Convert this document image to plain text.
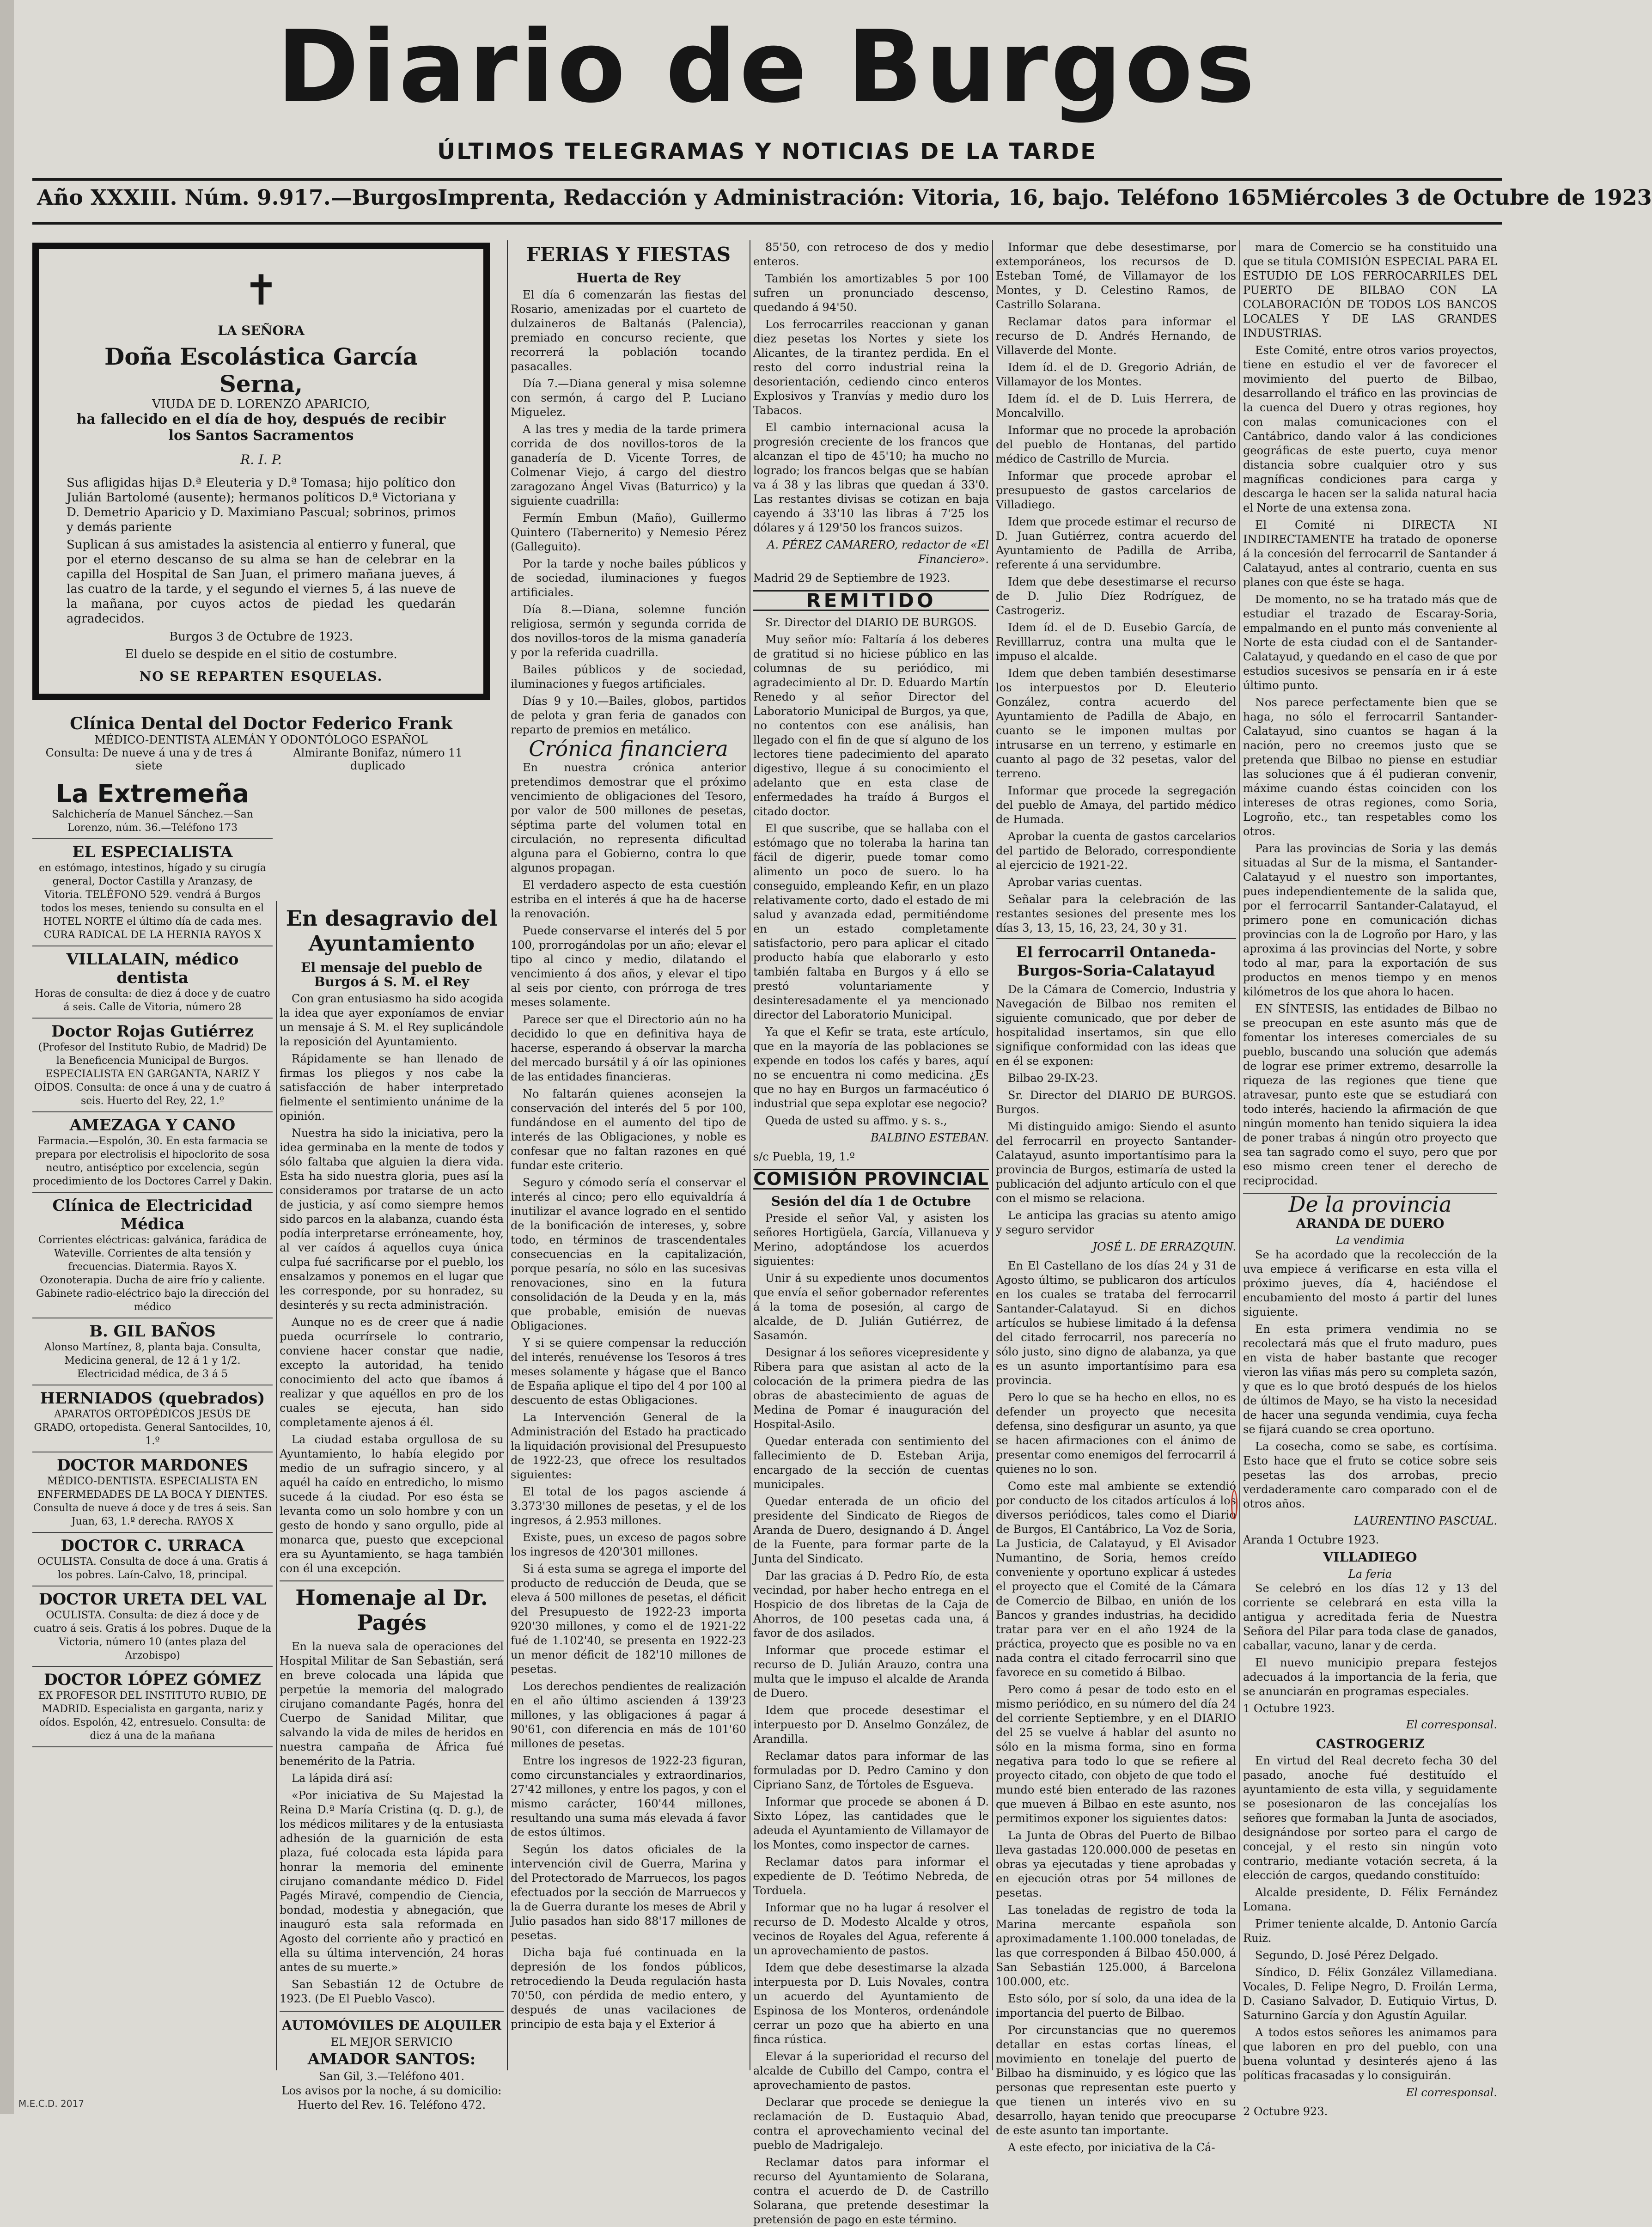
Diario de Burgos
ÚLTIMOS TELEGRAMAS Y NOTICIAS DE LA TARDE
Año XXXIII. Núm. 9.917.—Burgos Imprenta, Redacción y Administración: Vitoria, 16, bajo. Teléfono 165 Miércoles 3 de Octubre de 1923
✝
LA SEÑORA
Doña Escolástica García Serna,
VIUDA DE D. LORENZO APARICIO,
ha fallecido en el día de hoy, después de recibir los Santos Sacramentos
R. I. P.

Sus afligidas hijas D.ª Eleuteria y D.ª Tomasa; hijo político don Julián Bartolomé (ausente); hermanos políticos D.ª Victoriana y D. Demetrio Aparicio y D. Maximiano Pascual; sobrinos, primos y demás pariente

Suplican á sus amistades la asistencia al entierro y funeral, que por el eterno descanso de su alma se han de celebrar en la capilla del Hospital de San Juan, el primero mañana jueves, á las cuatro de la tarde, y el segundo el viernes 5, á las nueve de la mañana, por cuyos actos de piedad les quedarán agradecidos.

Burgos 3 de Octubre de 1923.
El duelo se despide en el sitio de costumbre.
NO SE REPARTEN ESQUELAS.
Clínica Dental del Doctor Federico Frank
MÉDICO-DENTISTA ALEMÁN Y ODONTÓLOGO ESPAÑOL
Consulta: De nueve á una y de tres á siete
Almirante Bonifaz, número 11 duplicado
La Extremeña
Salchichería de Manuel Sánchez.—San Lorenzo, núm. 36.—Teléfono 173
EL ESPECIALISTA
en estómago, intestinos, hígado y su cirugía general, Doctor Castilla y Aranzasy, de Vitoria. TELÉFONO 529. vendrá á Burgos todos los meses, teniendo su consulta en el HOTEL NORTE el último día de cada mes. CURA RADICAL DE LA HERNIA RAYOS X
VILLALAIN, médico dentista
Horas de consulta: de diez á doce y de cuatro á seis. Calle de Vitoria, número 28
Doctor Rojas Gutiérrez
(Profesor del Instituto Rubio, de Madrid) De la Beneficencia Municipal de Burgos. ESPECIALISTA EN GARGANTA, NARIZ Y OÍDOS. Consulta: de once á una y de cuatro á seis. Huerto del Rey, 22, 1.º
AMEZAGA Y CANO
Farmacia.—Espolón, 30. En esta farmacia se prepara por electrolisis el hipoclorito de sosa neutro, antiséptico por excelencia, según procedimiento de los Doctores Carrel y Dakin.
Clínica de Electricidad Médica
Corrientes eléctricas: galvánica, farádica de Wateville. Corrientes de alta tensión y frecuencias. Diatermia. Rayos X. Ozonoterapia. Ducha de aire frío y caliente. Gabinete radio-eléctrico bajo la dirección del médico
B. GIL BAÑOS
Alonso Martínez, 8, planta baja. Consulta, Medicina general, de 12 á 1 y 1/2. Electricidad médica, de 3 á 5
HERNIADOS (quebrados)
APARATOS ORTOPÉDICOS JESÚS DE GRADO, ortopedista. General Santocildes, 10, 1.º
DOCTOR MARDONES
MÉDICO-DENTISTA. ESPECIALISTA EN ENFERMEDADES DE LA BOCA Y DIENTES. Consulta de nueve á doce y de tres á seis. San Juan, 63, 1.º derecha. RAYOS X
DOCTOR C. URRACA
OCULISTA. Consulta de doce á una. Gratis á los pobres. Laín-Calvo, 18, principal.
DOCTOR URETA DEL VAL
OCULISTA. Consulta: de diez á doce y de cuatro á seis. Gratis á los pobres. Duque de la Victoria, número 10 (antes plaza del Arzobispo)
DOCTOR LÓPEZ GÓMEZ
EX PROFESOR DEL INSTITUTO RUBIO, DE MADRID. Especialista en garganta, nariz y oídos. Espolón, 42, entresuelo. Consulta: de diez á una de la mañana
En desagravio del Ayuntamiento
El mensaje del pueblo de Burgos á S. M. el Rey

Con gran entusiasmo ha sido acogida la idea que ayer exponíamos de enviar un mensaje á S. M. el Rey suplicándole la reposición del Ayuntamiento.

Rápidamente se han llenado de firmas los pliegos y nos cabe la satisfacción de haber interpretado fielmente el sentimiento unánime de la opinión.

Nuestra ha sido la iniciativa, pero la idea germinaba en la mente de todos y sólo faltaba que alguien la diera vida. Esta ha sido nuestra gloria, pues así la consideramos por tratarse de un acto de justicia, y así como siempre hemos sido parcos en la alabanza, cuando ésta podía interpretarse erróneamente, hoy, al ver caídos á aquellos cuya única culpa fué sacrificarse por el pueblo, los ensalzamos y ponemos en el lugar que les corresponde, por su honradez, su desinterés y su recta administración.

Aunque no es de creer que á nadie pueda ocurrírsele lo contrario, conviene hacer constar que nadie, excepto la autoridad, ha tenido conocimiento del acto que íbamos á realizar y que aquéllos en pro de los cuales se ejecuta, han sido completamente ajenos á él.

La ciudad estaba orgullosa de su Ayuntamiento, lo había elegido por medio de un sufragio sincero, y al aquél ha caído en entredicho, lo mismo sucede á la ciudad. Por eso ésta se levanta como un solo hombre y con un gesto de hondo y sano orgullo, pide al monarca que, puesto que excepcional era su Ayuntamiento, se haga también con él una excepción.

Homenaje al Dr. Pagés

En la nueva sala de operaciones del Hospital Militar de San Sebastián, será en breve colocada una lápida que perpetúe la memoria del malogrado cirujano comandante Pagés, honra del Cuerpo de Sanidad Militar, que salvando la vida de miles de heridos en nuestra campaña de África fué benemérito de la Patria.

La lápida dirá así:

«Por iniciativa de Su Majestad la Reina D.ª María Cristina (q. D. g.), de los médicos militares y de la entusiasta adhesión de la guarnición de esta plaza, fué colocada esta lápida para honrar la memoria del eminente cirujano comandante médico D. Fidel Pagés Miravé, compendio de Ciencia, bondad, modestia y abnegación, que inauguró esta sala reformada en Agosto del corriente año y practicó en ella su última intervención, 24 horas antes de su muerte.»

San Sebastián 12 de Octubre de 1923. (De El Pueblo Vasco).

AUTOMÓVILES DE ALQUILER
EL MEJOR SERVICIO
AMADOR SANTOS:
San Gil, 3.—Teléfono 401.
Los avisos por la noche, á su domicilio: Huerto del Rev. 16. Teléfono 472.
FERIAS Y FIESTAS
Huerta de Rey

El día 6 comenzarán las fiestas del Rosario, amenizadas por el cuarteto de dulzaineros de Baltanás (Palencia), premiado en concurso reciente, que recorrerá la población tocando pasacalles.

Día 7.—Diana general y misa solemne con sermón, á cargo del P. Luciano Miguelez.

A las tres y media de la tarde primera corrida de dos novillos-toros de la ganadería de D. Vicente Torres, de Colmenar Viejo, á cargo del diestro zaragozano Ángel Vivas (Baturrico) y la siguiente cuadrilla:

Fermín Embun (Maño), Guillermo Quintero (Tabernerito) y Nemesio Pérez (Galleguito).

Por la tarde y noche bailes públicos y de sociedad, iluminaciones y fuegos artificiales.

Día 8.—Diana, solemne función religiosa, sermón y segunda corrida de dos novillos-toros de la misma ganadería y por la referida cuadrilla.

Bailes públicos y de sociedad, iluminaciones y fuegos artificiales.

Días 9 y 10.—Bailes, globos, partidos de pelota y gran feria de ganados con reparto de premios en metálico.

Crónica financiera

En nuestra crónica anterior pretendimos demostrar que el próximo vencimiento de obligaciones del Tesoro, por valor de 500 millones de pesetas, séptima parte del volumen total en circulación, no representa dificultad alguna para el Gobierno, contra lo que algunos propagan.

El verdadero aspecto de esta cuestión estriba en el interés á que ha de hacerse la renovación.

Puede conservarse el interés del 5 por 100, prorrogándolas por un año; elevar el tipo al cinco y medio, dilatando el vencimiento á dos años, y elevar el tipo al seis por ciento, con prórroga de tres meses solamente.

Parece ser que el Directorio aún no ha decidido lo que en definitiva haya de hacerse, esperando á observar la marcha del mercado bursátil y á oír las opiniones de las entidades financieras.

No faltarán quienes aconsejen la conservación del interés del 5 por 100, fundándose en el aumento del tipo de interés de las Obligaciones, y noble es confesar que no faltan razones en qué fundar este criterio.

Seguro y cómodo sería el conservar el interés al cinco; pero ello equivaldría á inutilizar el avance logrado en el sentido de la bonificación de intereses, y, sobre todo, en términos de trascendentales consecuencias en la capitalización, porque pesaría, no sólo en las sucesivas renovaciones, sino en la futura consolidación de la Deuda y en la, más que probable, emisión de nuevas Obligaciones.

Y si se quiere compensar la reducción del interés, renuévense los Tesoros á tres meses solamente y hágase que el Banco de España aplique el tipo del 4 por 100 al descuento de estas Obligaciones.

La Intervención General de la Administración del Estado ha practicado la liquidación provisional del Presupuesto de 1922-23, que ofrece los resultados siguientes:

El total de los pagos asciende á 3.373'30 millones de pesetas, y el de los ingresos, á 2.953 millones.

Existe, pues, un exceso de pagos sobre los ingresos de 420'301 millones.

Si á esta suma se agrega el importe del producto de reducción de Deuda, que se eleva á 500 millones de pesetas, el déficit del Presupuesto de 1922-23 importa 920'30 millones, y como el de 1921-22 fué de 1.102'40, se presenta en 1922-23 un menor déficit de 182'10 millones de pesetas.

Los derechos pendientes de realización en el año último ascienden á 139'23 millones, y las obligaciones á pagar á 90'61, con diferencia en más de 101'60 millones de pesetas.

Entre los ingresos de 1922-23 figuran, como circunstanciales y extraordinarios, 27'42 millones, y entre los pagos, y con el mismo carácter, 160'44 millones, resultando una suma más elevada á favor de estos últimos.

Según los datos oficiales de la intervención civil de Guerra, Marina y del Protectorado de Marruecos, los pagos efectuados por la sección de Marruecos y la de Guerra durante los meses de Abril y Julio pasados han sido 88'17 millones de pesetas.

Dicha baja fué continuada en la depresión de los fondos públicos, retrocediendo la Deuda regulación hasta 70'50, con pérdida de medio entero, y después de unas vacilaciones de principio de esta baja y el Exterior á

85'50, con retroceso de dos y medio enteros.

También los amortizables 5 por 100 sufren un pronunciado descenso, quedando á 94'50.

Los ferrocarriles reaccionan y ganan diez pesetas los Nortes y siete los Alicantes, de la tirantez perdida. En el resto del corro industrial reina la desorientación, cediendo cinco enteros Explosivos y Tranvías y medio duro los Tabacos.

El cambio internacional acusa la progresión creciente de los francos que alcanzan el tipo de 45'10; ha mucho no logrado; los francos belgas que se habían va á 38 y las libras que quedan á 33'0. Las restantes divisas se cotizan en baja cayendo á 33'10 las libras á 7'25 los dólares y á 129'50 los francos suizos.

A. PÉREZ CAMARERO, redactor de «El Financiero».
Madrid 29 de Septiembre de 1923.
REMITIDO

Sr. Director del DIARIO DE BURGOS.

Muy señor mío: Faltaría á los deberes de gratitud si no hiciese público en las columnas de su periódico, mi agradecimiento al Dr. D. Eduardo Martín Renedo y al señor Director del Laboratorio Municipal de Burgos, ya que, no contentos con ese análisis, han llegado con el fin de que sí alguno de los lectores tiene padecimiento del aparato digestivo, llegue á su conocimiento el adelanto que en esta clase de enfermedades ha traído á Burgos el citado doctor.

El que suscribe, que se hallaba con el estómago que no toleraba la harina tan fácil de digerir, puede tomar como alimento un poco de suero. lo ha conseguido, empleando Kefir, en un plazo relativamente corto, dado el estado de mi salud y avanzada edad, permitiéndome en un estado completamente satisfactorio, pero para aplicar el citado producto había que elaborarlo y esto también faltaba en Burgos y á ello se prestó voluntariamente y desinteresadamente el ya mencionado director del Laboratorio Municipal.

Ya que el Kefir se trata, este artículo, que en la mayoría de las poblaciones se expende en todos los cafés y bares, aquí no se encuentra ni como medicina. ¿Es que no hay en Burgos un farmacéutico ó industrial que sepa explotar ese negocio?

Queda de usted su affmo. y s. s.,

BALBINO ESTEBAN.
s/c Puebla, 19, 1.º
COMISIÓN PROVINCIAL
Sesión del día 1 de Octubre

Preside el señor Val, y asisten los señores Hortigüela, García, Villanueva y Merino, adoptándose los acuerdos siguientes:

Unir á su expediente unos documentos que envía el señor gobernador referentes á la toma de posesión, al cargo de alcalde, de D. Julián Gutiérrez, de Sasamón.

Designar á los señores vicepresidente y Ribera para que asistan al acto de la colocación de la primera piedra de las obras de abastecimiento de aguas de Medina de Pomar é inauguración del Hospital-Asilo.

Quedar enterada con sentimiento del fallecimiento de D. Esteban Arija, encargado de la sección de cuentas municipales.

Quedar enterada de un oficio del presidente del Sindicato de Riegos de Aranda de Duero, designando á D. Ángel de la Fuente, para formar parte de la Junta del Sindicato.

Dar las gracias á D. Pedro Río, de esta vecindad, por haber hecho entrega en el Hospicio de dos libretas de la Caja de Ahorros, de 100 pesetas cada una, á favor de dos asilados.

Informar que procede estimar el recurso de D. Julián Arauzo, contra una multa que le impuso el alcalde de Aranda de Duero.

Idem que procede desestimar el interpuesto por D. Anselmo González, de Arandilla.

Reclamar datos para informar de las formuladas por D. Pedro Camino y don Cipriano Sanz, de Tórtoles de Esgueva.

Informar que procede se abonen á D. Sixto López, las cantidades que le adeuda el Ayuntamiento de Villamayor de los Montes, como inspector de carnes.

Reclamar datos para informar el expediente de D. Teótimo Nebreda, de Torduela.

Informar que no ha lugar á resolver el recurso de D. Modesto Alcalde y otros, vecinos de Royales del Agua, referente á un aprovechamiento de pastos.

Idem que debe desestimarse la alzada interpuesta por D. Luis Novales, contra un acuerdo del Ayuntamiento de Espinosa de los Monteros, ordenándole cerrar un pozo que ha abierto en una finca rústica.

Elevar á la superioridad el recurso del alcalde de Cubillo del Campo, contra el aprovechamiento de pastos.

Declarar que procede se deniegue la reclamación de D. Eustaquio Abad, contra el aprovechamiento vecinal del pueblo de Madrigalejo.

Reclamar datos para informar el recurso del Ayuntamiento de Solarana, contra el acuerdo de D. de Castrillo Solarana, que pretende desestimar la pretensión de pago en este término.

Informar que debe desestimarse, por extemporáneos, los recursos de D. Esteban Tomé, de Villamayor de los Montes, y D. Celestino Ramos, de Castrillo Solarana.

Reclamar datos para informar el recurso de D. Andrés Hernando, de Villaverde del Monte.

Idem íd. el de D. Gregorio Adrián, de Villamayor de los Montes.

Idem íd. el de D. Luis Herrera, de Moncalvillo.

Informar que no procede la aprobación del pueblo de Hontanas, del partido médico de Castrillo de Murcia.

Informar que procede aprobar el presupuesto de gastos carcelarios de Villadiego.

Idem que procede estimar el recurso de D. Juan Gutiérrez, contra acuerdo del Ayuntamiento de Padilla de Arriba, referente á una servidumbre.

Idem que debe desestimarse el recurso de D. Julio Díez Rodríguez, de Castrogeriz.

Idem íd. el de D. Eusebio García, de Revilllarruz, contra una multa que le impuso el alcalde.

Idem que deben también desestimarse los interpuestos por D. Eleuterio González, contra acuerdo del Ayuntamiento de Padilla de Abajo, en cuanto se le imponen multas por intrusarse en un terreno, y estimarle en cuanto al pago de 32 pesetas, valor del terreno.

Informar que procede la segregación del pueblo de Amaya, del partido médico de Humada.

Aprobar la cuenta de gastos carcelarios del partido de Belorado, correspondiente al ejercicio de 1921-22.

Aprobar varias cuentas.

Señalar para la celebración de las restantes sesiones del presente mes los días 3, 13, 15, 16, 23, 24, 30 y 31.

El ferrocarril Ontaneda-Burgos-Soria-Calatayud

De la Cámara de Comercio, Industria y Navegación de Bilbao nos remiten el siguiente comunicado, que por deber de hospitalidad insertamos, sin que ello signifique conformidad con las ideas que en él se exponen:

Bilbao 29-IX-23.

Sr. Director del DIARIO DE BURGOS. Burgos.

Mi distinguido amigo: Siendo el asunto del ferrocarril en proyecto Santander-Calatayud, asunto importantísimo para la provincia de Burgos, estimaría de usted la publicación del adjunto artículo con el que con el mismo se relaciona.

Le anticipa las gracias su atento amigo y seguro servidor

JOSÉ L. DE ERRAZQUIN.

En El Castellano de los días 24 y 31 de Agosto último, se publicaron dos artículos en los cuales se trataba del ferrocarril Santander-Calatayud. Si en dichos artículos se hubiese limitado á la defensa del citado ferrocarril, nos parecería no sólo justo, sino digno de alabanza, ya que es un asunto importantísimo para esa provincia.

Pero lo que se ha hecho en ellos, no es defender un proyecto que necesita defensa, sino desfigurar un asunto, ya que se hacen afirmaciones con el ánimo de presentar como enemigos del ferrocarril á quienes no lo son.

Como este mal ambiente se extendió por conducto de los citados artículos á los diversos periódicos, tales como el Diario de Burgos, El Cantábrico, La Voz de Soria, La Justicia, de Calatayud, y El Avisador Numantino, de Soria, hemos creído conveniente y oportuno explicar á ustedes el proyecto que el Comité de la Cámara de Comercio de Bilbao, en unión de los Bancos y grandes industrias, ha decidido tratar para ver en el año 1924 de la práctica, proyecto que es posible no va en nada contra el citado ferrocarril sino que favorece en su cometido á Bilbao.

Pero como á pesar de todo esto en el mismo periódico, en su número del día 24 del corriente Septiembre, y en el DIARIO del 25 se vuelve á hablar del asunto no sólo en la misma forma, sino en forma negativa para todo lo que se refiere al proyecto citado, con objeto de que todo el mundo esté bien enterado de las razones que mueven á Bilbao en este asunto, nos permitimos exponer los siguientes datos:

La Junta de Obras del Puerto de Bilbao lleva gastadas 120.000.000 de pesetas en obras ya ejecutadas y tiene aprobadas y en ejecución otras por 54 millones de pesetas.

Las toneladas de registro de toda la Marina mercante española son aproximadamente 1.100.000 toneladas, de las que corresponden á Bilbao 450.000, á San Sebastián 125.000, á Barcelona 100.000, etc.

Esto sólo, por sí solo, da una idea de la importancia del puerto de Bilbao.

Por circunstancias que no queremos detallar en estas cortas líneas, el movimiento en tonelaje del puerto de Bilbao ha disminuido, y es lógico que las personas que representan este puerto y que tienen un interés vivo en su desarrollo, hayan tenido que preocuparse de este asunto tan importante.

A este efecto, por iniciativa de la Cá-

mara de Comercio se ha constituido una que se titula COMISIÓN ESPECIAL PARA EL ESTUDIO DE LOS FERROCARRILES DEL PUERTO DE BILBAO CON LA COLABORACIÓN DE TODOS LOS BANCOS LOCALES Y DE LAS GRANDES INDUSTRIAS.

Este Comité, entre otros varios proyectos, tiene en estudio el ver de favorecer el movimiento del puerto de Bilbao, desarrollando el tráfico en las provincias de la cuenca del Duero y otras regiones, hoy con malas comunicaciones con el Cantábrico, dando valor á las condiciones geográficas de este puerto, cuya menor distancia sobre cualquier otro y sus magníficas condiciones para carga y descarga le hacen ser la salida natural hacia el Norte de una extensa zona.

El Comité ni DIRECTA NI INDIRECTAMENTE ha tratado de oponerse á la concesión del ferrocarril de Santander á Calatayud, antes al contrario, cuenta en sus planes con que éste se haga.

De momento, no se ha tratado más que de estudiar el trazado de Escaray-Soria, empalmando en el punto más conveniente al Norte de esta ciudad con el de Santander-Calatayud, y quedando en el caso de que por estudios sucesivos se pensaría en ir á este último punto.

Nos parece perfectamente bien que se haga, no sólo el ferrocarril Santander-Calatayud, sino cuantos se hagan á la nación, pero no creemos justo que se pretenda que Bilbao no piense en estudiar las soluciones que á él pudieran convenir, máxime cuando éstas coinciden con los intereses de otras regiones, como Soria, Logroño, etc., tan respetables como los otros.

Para las provincias de Soria y las demás situadas al Sur de la misma, el Santander-Calatayud y el nuestro son importantes, pues independientemente de la salida que, por el ferrocarril Santander-Calatayud, el primero pone en comunicación dichas provincias con la de Logroño por Haro, y las aproxima á las provincias del Norte, y sobre todo al mar, para la exportación de sus productos en menos tiempo y en menos kilómetros de los que ahora lo hacen.

EN SÍNTESIS, las entidades de Bilbao no se preocupan en este asunto más que de fomentar los intereses comerciales de su pueblo, buscando una solución que además de lograr ese primer extremo, desarrolle la riqueza de las regiones que tiene que atravesar, punto este que se estudiará con todo interés, haciendo la afirmación de que ningún momento han tenido siquiera la idea de poner trabas á ningún otro proyecto que sea tan sagrado como el suyo, pero que por eso mismo creen tener el derecho de reciprocidad.

De la provincia
ARANDA DE DUERO
La vendimia

Se ha acordado que la recolección de la uva empiece á verificarse en esta villa el próximo jueves, día 4, haciéndose el encubamiento del mosto á partir del lunes siguiente.

En esta primera vendimia no se recolectará más que el fruto maduro, pues en vista de haber bastante que recoger vieron las viñas más pero su completa sazón, y que es lo que brotó después de los hielos de últimos de Mayo, se ha visto la necesidad de hacer una segunda vendimia, cuya fecha se fijará cuando se crea oportuno.

La cosecha, como se sabe, es cortísima. Esto hace que el fruto se cotice sobre seis pesetas las dos arrobas, precio verdaderamente caro comparado con el de otros años.

LAURENTINO PASCUAL.
Aranda 1 Octubre 1923.
VILLADIEGO
La feria

Se celebró en los días 12 y 13 del corriente se celebrará en esta villa la antigua y acreditada feria de Nuestra Señora del Pilar para toda clase de ganados, caballar, vacuno, lanar y de cerda.

El nuevo municipio prepara festejos adecuados á la importancia de la feria, que se anunciarán en programas especiales.

1 Octubre 1923.
El corresponsal.
CASTROGERIZ

En virtud del Real decreto fecha 30 del pasado, anoche fué destituído el ayuntamiento de esta villa, y seguidamente se posesionaron de las concejalías los señores que formaban la Junta de asociados, designándose por sorteo para el cargo de concejal, y el resto sin ningún voto contrario, mediante votación secreta, á la elección de cargos, quedando constituído:

Alcalde presidente, D. Félix Fernández Lomana.

Primer teniente alcalde, D. Antonio García Ruiz.

Segundo, D. José Pérez Delgado.

Síndico, D. Félix González Villamediana. Vocales, D. Felipe Negro, D. Froilán Lerma, D. Casiano Salvador, D. Eutiquio Virtus, D. Saturnino García y don Agustín Aguilar.

A todos estos señores les animamos para que laboren en pro del pueblo, con una buena voluntad y desinterés ajeno á las políticas fracasadas y lo consiguirán.

El corresponsal.
2 Octubre 923.
M.E.C.D. 2017
